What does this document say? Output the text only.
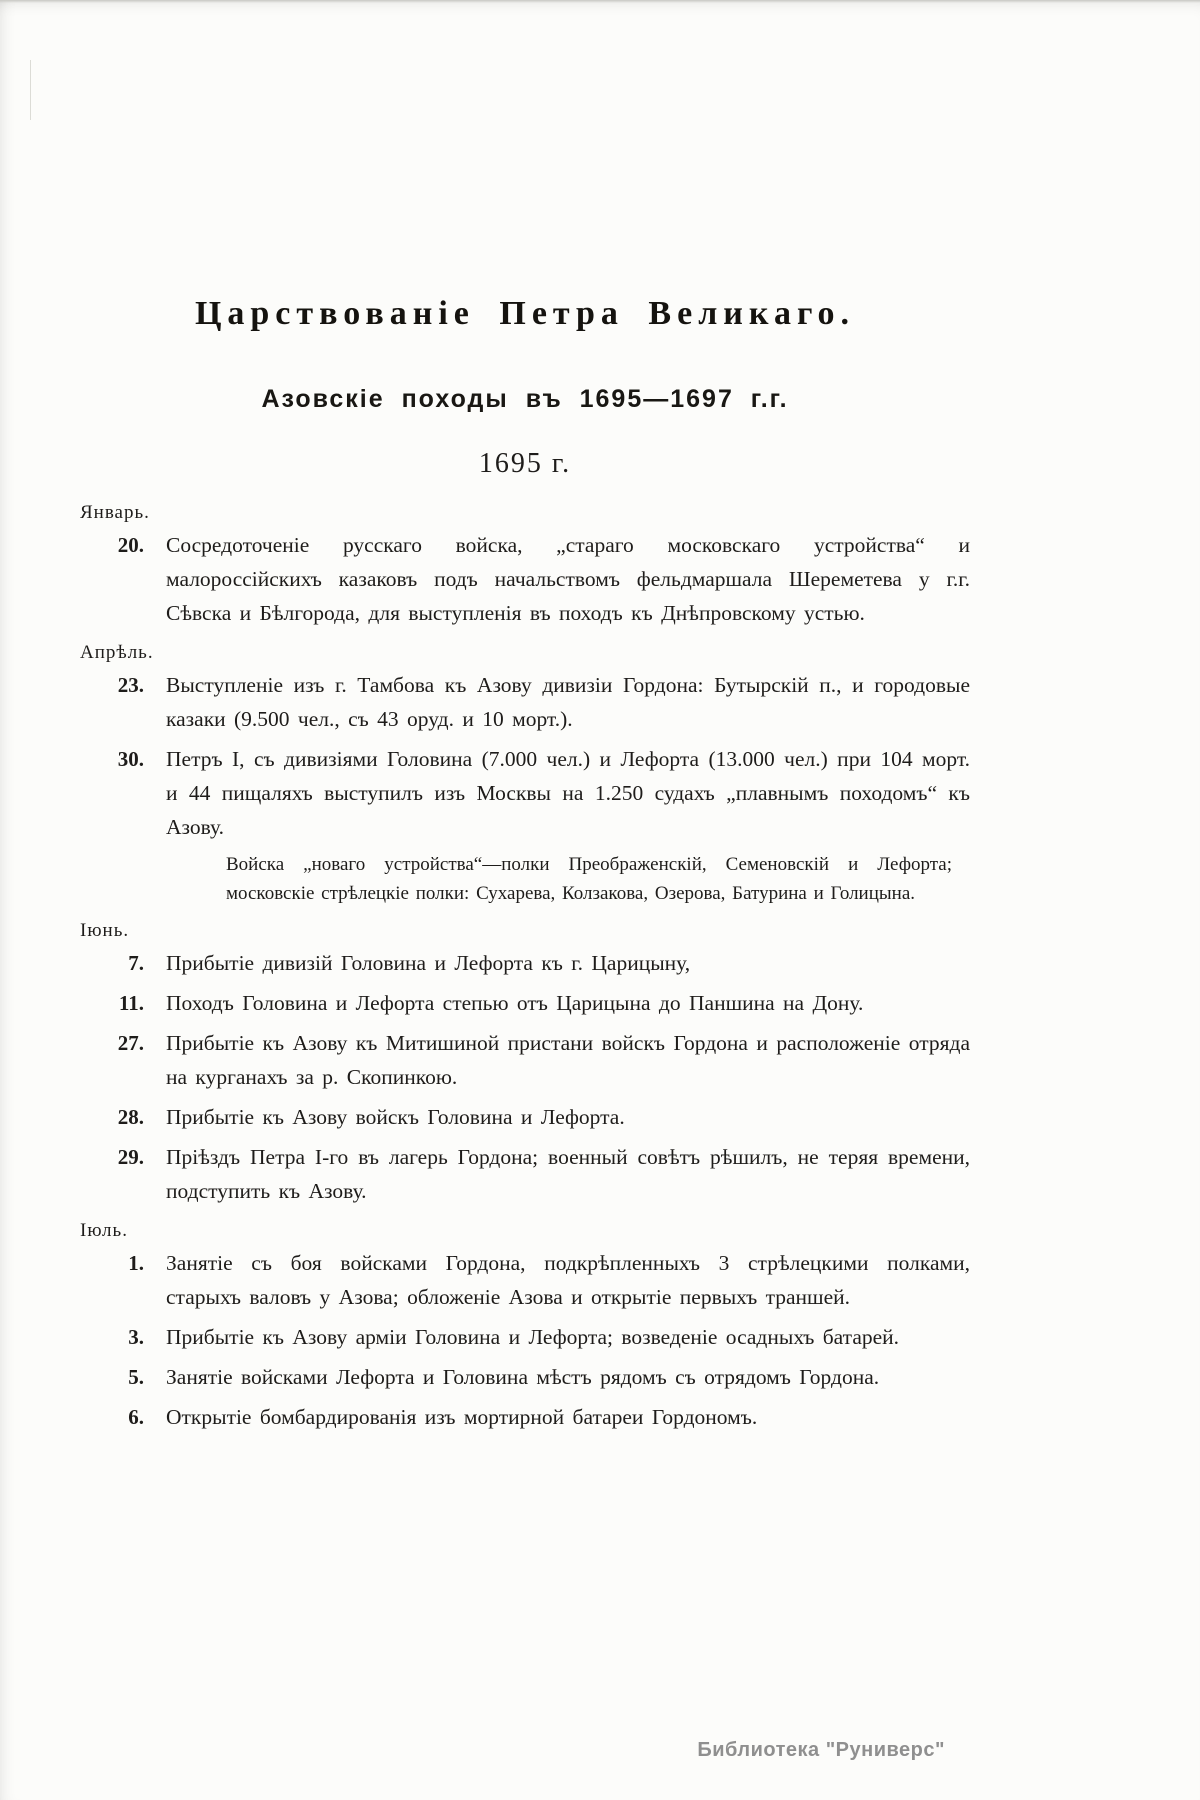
Царствованіе Петра Великаго.
Азовскіе походы въ 1695—1697 г.г.
1695 г.
Январь.
20.	Сосредоточеніе русскаго войска, „стараго московскаго устройства“ и малороссійскихъ казаковъ подъ начальствомъ фельдмаршала Шереметева у г.г. Сѣвска и Бѣлгорода, для выступленія въ походъ къ Днѣпровскому устью.
Апрѣль.
23.	Выступленіе изъ г. Тамбова къ Азову дивизіи Гордона: Бутырскій п., и городовые казаки (9.500 чел., съ 43 оруд. и 10 морт.).
30.	Петръ I, съ дивизіями Головина (7.000 чел.) и Лефорта (13.000 чел.) при 104 морт. и 44 пищаляхъ выступилъ изъ Москвы на 1.250 судахъ „плавнымъ походомъ“ къ Азову.
Войска „новаго устройства“—полки Преображенскій, Семеновскій и Лефорта; московскіе стрѣлецкіе полки: Сухарева, Колзакова, Озерова, Батурина и Голицына.
Іюнь.
7.	Прибытіе дивизій Головина и Лефорта къ г. Царицыну,
11.	Походъ Головина и Лефорта степью отъ Царицына до Паншина на Дону.
27.	Прибытіе къ Азову къ Митишиной пристани войскъ Гордона и расположеніе отряда на курганахъ за р. Скопинкою.
28.	Прибытіе къ Азову войскъ Головина и Лефорта.
29.	Пріѣздъ Петра I-го въ лагерь Гордона; военный совѣтъ рѣшилъ, не теряя времени, подступить къ Азову.
Іюль.
1.	Занятіе съ боя войсками Гордона, подкрѣпленныхъ 3 стрѣлецкими полками, старыхъ валовъ у Азова; обложеніе Азова и открытіе первыхъ траншей.
3.	Прибытіе къ Азову арміи Головина и Лефорта; возведеніе осадныхъ батарей.
5.	Занятіе войсками Лефорта и Головина мѣстъ рядомъ съ отрядомъ Гордона.
6.	Открытіе бомбардированія изъ мортирной батареи Гордономъ.
Библиотека "Руниверс"
